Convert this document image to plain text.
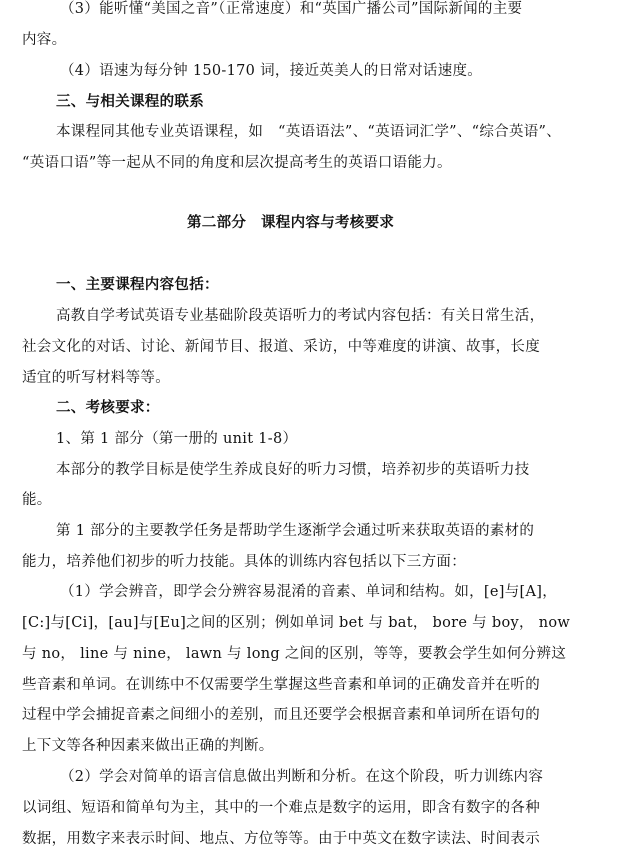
（3）能听懂“美国之音”（正常速度）和“英国广播公司”国际新闻的主要

内容。

（4）语速为每分钟 150-170 词，接近英美人的日常对话速度。

三、与相关课程的联系

本课程同其他专业英语课程，如　“英语语法”、“英语词汇学”、“综合英语”、

“英语口语”等一起从不同的角度和层次提高考生的英语口语能力。

第二部分　课程内容与考核要求

一、主要课程内容包括：

高教自学考试英语专业基础阶段英语听力的考试内容包括：有关日常生活，

社会文化的对话、讨论、新闻节目、报道、采访，中等难度的讲演、故事，长度

适宜的听写材料等等。

二、考核要求：

1、第 1 部分（第一册的 unit 1-8）

本部分的教学目标是使学生养成良好的听力习惯，培养初步的英语听力技

能。

第 1 部分的主要教学任务是帮助学生逐渐学会通过听来获取英语的素材的

能力，培养他们初步的听力技能。具体的训练内容包括以下三方面：

（1）学会辨音，即学会分辨容易混淆的音素、单词和结构。如，[e]与[A]，

[C:]与[Ci]，[au]与[Eu]之间的区别；例如单词 bet 与 bat， bore 与 boy， now

与 no， line 与 nine， lawn 与 long 之间的区别，等等，要教会学生如何分辨这

些音素和单词。在训练中不仅需要学生掌握这些音素和单词的正确发音并在听的

过程中学会捕捉音素之间细小的差别，而且还要学会根据音素和单词所在语句的

上下文等各种因素来做出正确的判断。

（2）学会对简单的语言信息做出判断和分析。在这个阶段，听力训练内容

以词组、短语和简单句为主，其中的一个难点是数字的运用，即含有数字的各种

数据，用数字来表示时间、地点、方位等等。由于中英文在数字读法、时间表示
